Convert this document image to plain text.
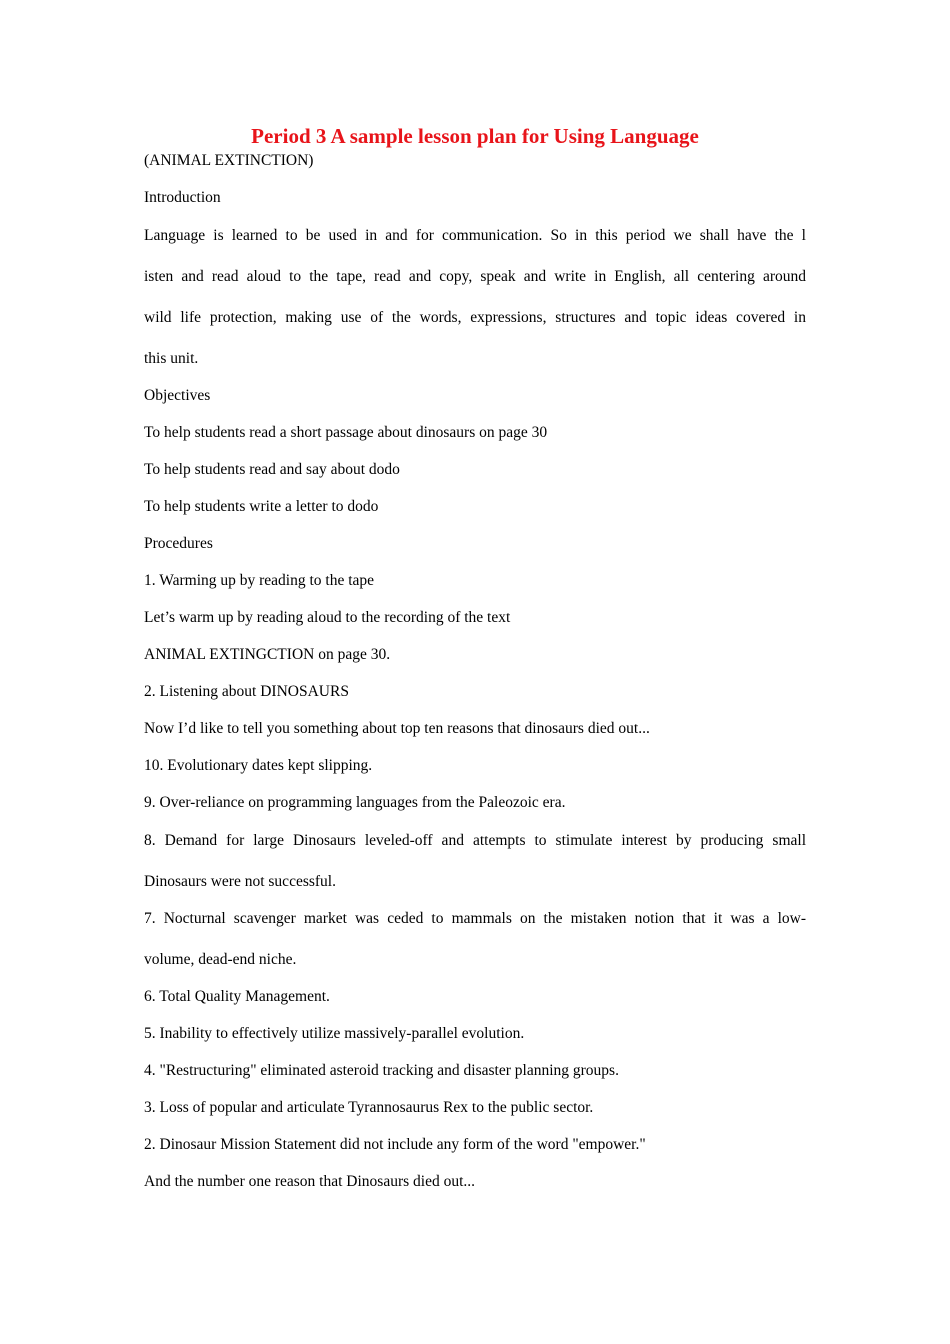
Period 3 A sample lesson plan for Using Language
(ANIMAL EXTINCTION)
Introduction
Language is learned to be used in and for communication. So in this period we shall have the l
isten and read aloud to the tape, read and copy, speak and write in English, all centering around
wild life protection, making use of the words, expressions, structures and topic ideas covered in
this unit.
Objectives
To help students read a short passage about dinosaurs on page 30
To help students read and say about dodo
To help students write a letter to dodo
Procedures
1. Warming up by reading to the tape
Let’s warm up by reading aloud to the recording of the text
ANIMAL EXTINGCTION on page 30.
2. Listening about DINOSAURS
Now I’d like to tell you something about top ten reasons that dinosaurs died out...
10. Evolutionary dates kept slipping.
9. Over-reliance on programming languages from the Paleozoic era.
8. Demand for large Dinosaurs leveled-off and attempts to stimulate interest by producing small
Dinosaurs were not successful.
7. Nocturnal scavenger market was ceded to mammals on the mistaken notion that it was a low-
volume, dead-end niche.
6. Total Quality Management.
5. Inability to effectively utilize massively-parallel evolution.
4. "Restructuring" eliminated asteroid tracking and disaster planning groups.
3. Loss of popular and articulate Tyrannosaurus Rex to the public sector.
2. Dinosaur Mission Statement did not include any form of the word "empower."
And the number one reason that Dinosaurs died out...
